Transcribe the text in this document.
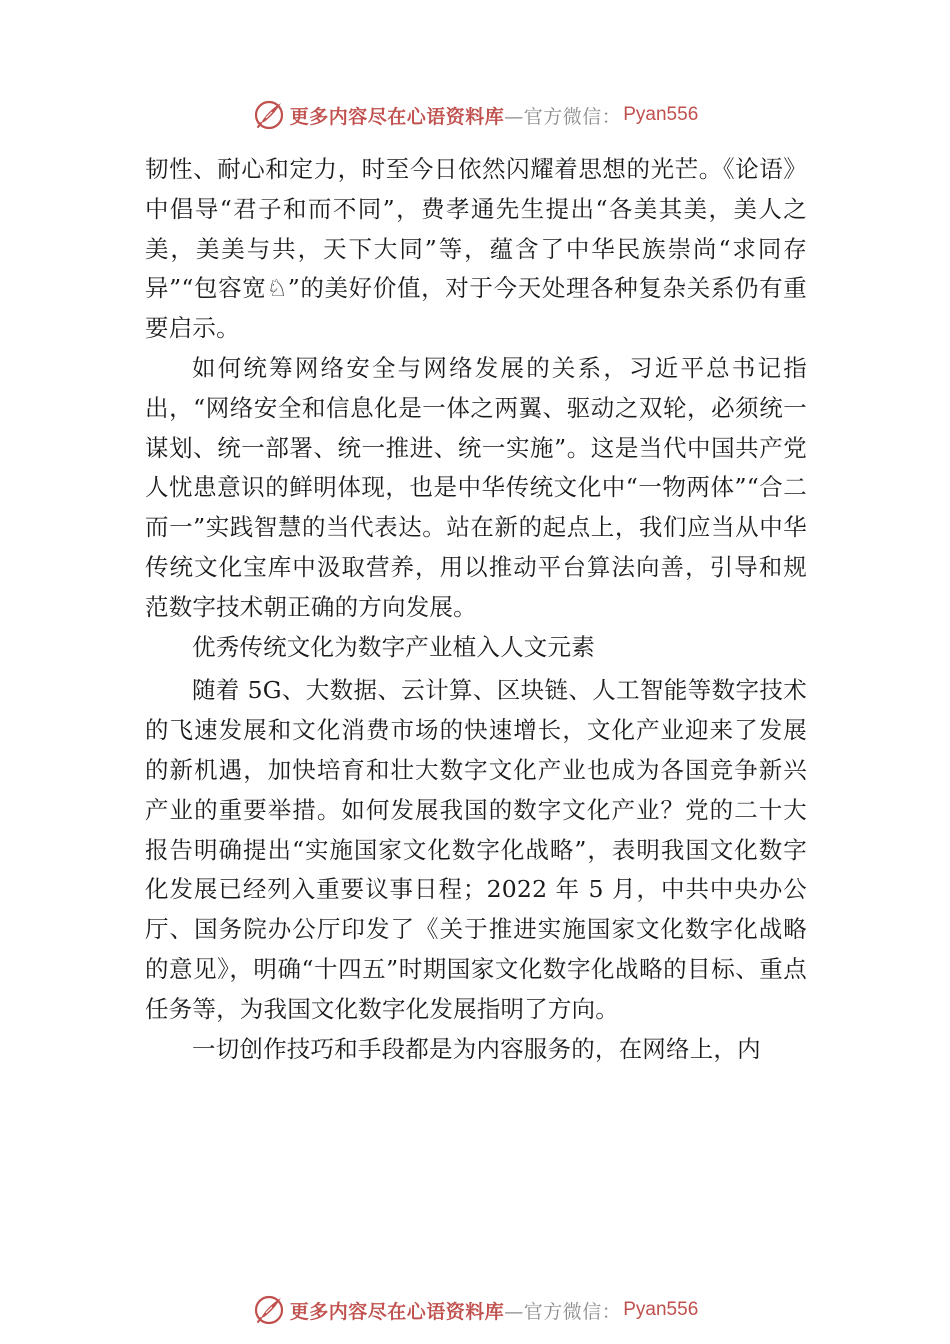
更多内容尽在心语资料库 —官方微信： Pyan556

韧性、耐心和定力，时至今日依然闪耀着思想的光芒。《论语》中倡导“君子和而不同”，费孝通先生提出“各美其美，美人之美，美美与共，天下大同”等，蕴含了中华民族崇尚“求同存异”“包容宽♘”的美好价值，对于今天处理各种复杂关系仍有重要启示。

如何统筹网络安全与网络发展的关系，习近平总书记指出，“网络安全和信息化是一体之两翼、驱动之双轮，必须统一谋划、统一部署、统一推进、统一实施”。这是当代中国共产党人忧患意识的鲜明体现，也是中华传统文化中“一物两体”“合二而一”实践智慧的当代表达。站在新的起点上，我们应当从中华传统文化宝库中汲取营养，用以推动平台算法向善，引导和规范数字技术朝正确的方向发展。

优秀传统文化为数字产业植入人文元素

随着 5G、大数据、云计算、区块链、人工智能等数字技术的飞速发展和文化消费市场的快速增长，文化产业迎来了发展的新机遇，加快培育和壮大数字文化产业也成为各国竞争新兴产业的重要举措。如何发展我国的数字文化产业？党的二十大报告明确提出“实施国家文化数字化战略”，表明我国文化数字化发展已经列入重要议事日程；2022 年 5 月，中共中央办公厅、国务院办公厅印发了《关于推进实施国家文化数字化战略的意见》，明确“十四五”时期国家文化数字化战略的目标、重点任务等，为我国文化数字化发展指明了方向。

一切创作技巧和手段都是为内容服务的，在网络上，内

更多内容尽在心语资料库 —官方微信： Pyan556
